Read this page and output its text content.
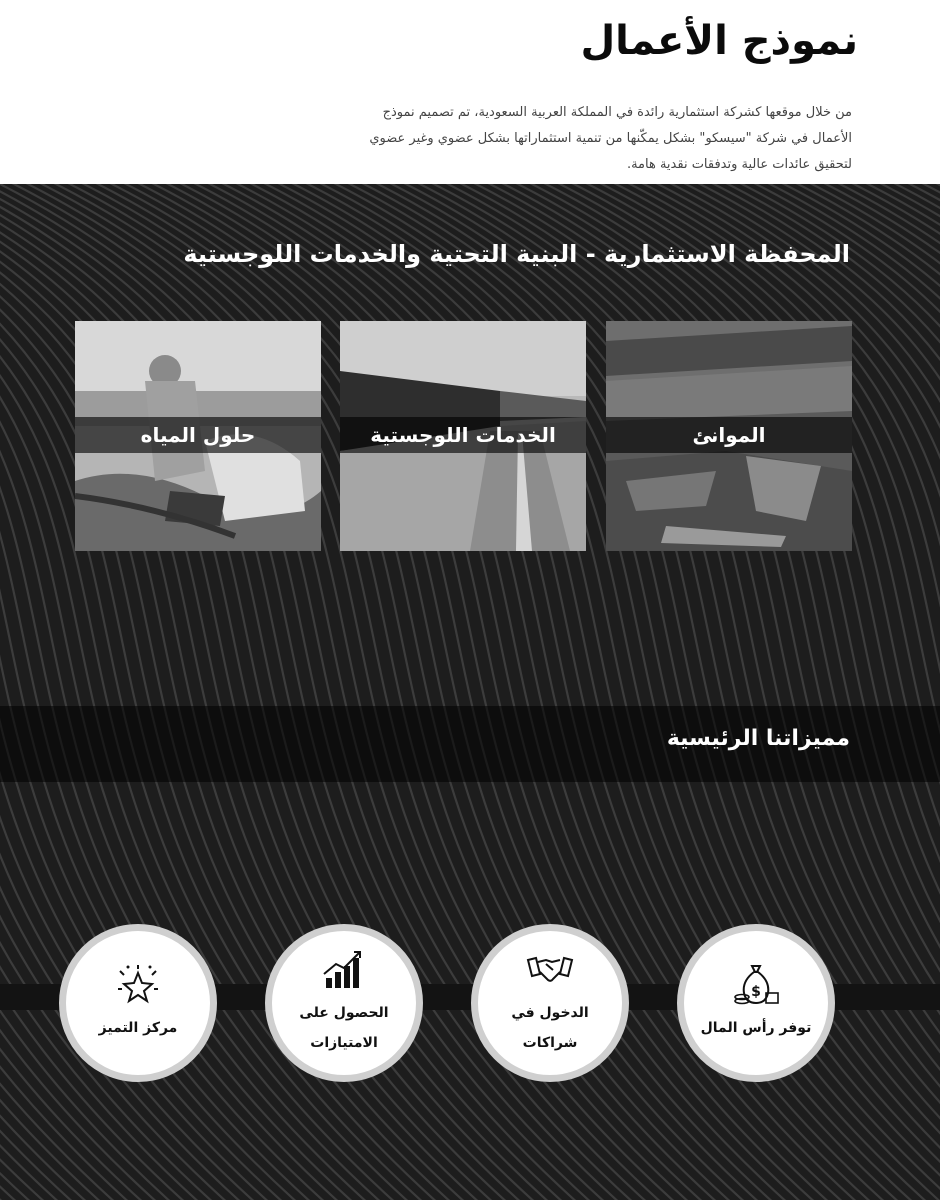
نموذج الأعمال

من خلال موقعها كشركة استثمارية رائدة في المملكة العربية السعودية، تم تصميم نموذج
الأعمال في شركة "سيسكو" بشكل يمكّنها من تنمية استثماراتها بشكل عضوي وغير عضوي
لتحقيق عائدات عالية وتدفقات نقدية هامة.

المحفظة الاستثمارية - البنية التحتية والخدمات اللوجستية
الموانئ
الخدمات اللوجستية
حلول المياه
مميزاتنا الرئيسية
$
توفر رأس المال
الدخول في
شراكات
الحصول على
الامتيازات
مركز التميز
